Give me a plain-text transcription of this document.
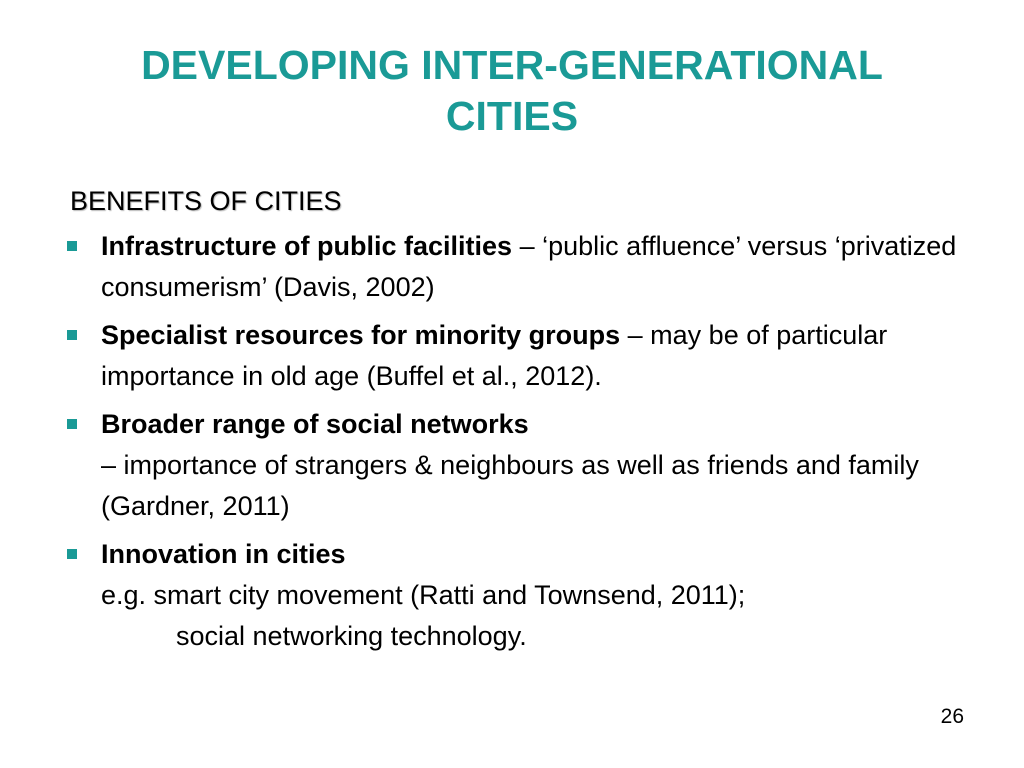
DEVELOPING INTER-GENERATIONAL
CITIES
BENEFITS OF CITIES
Infrastructure of public facilities – ‘public affluence’ versus ‘privatized consumerism’ (Davis, 2002)
Specialist resources for minority groups – may be of particular importance in old age (Buffel et al., 2012).
Broader range of social networks
– importance of strangers & neighbours as well as friends and family (Gardner, 2011)
Innovation in cities
e.g. smart city movement (Ratti and Townsend, 2011);
social networking technology.
26
